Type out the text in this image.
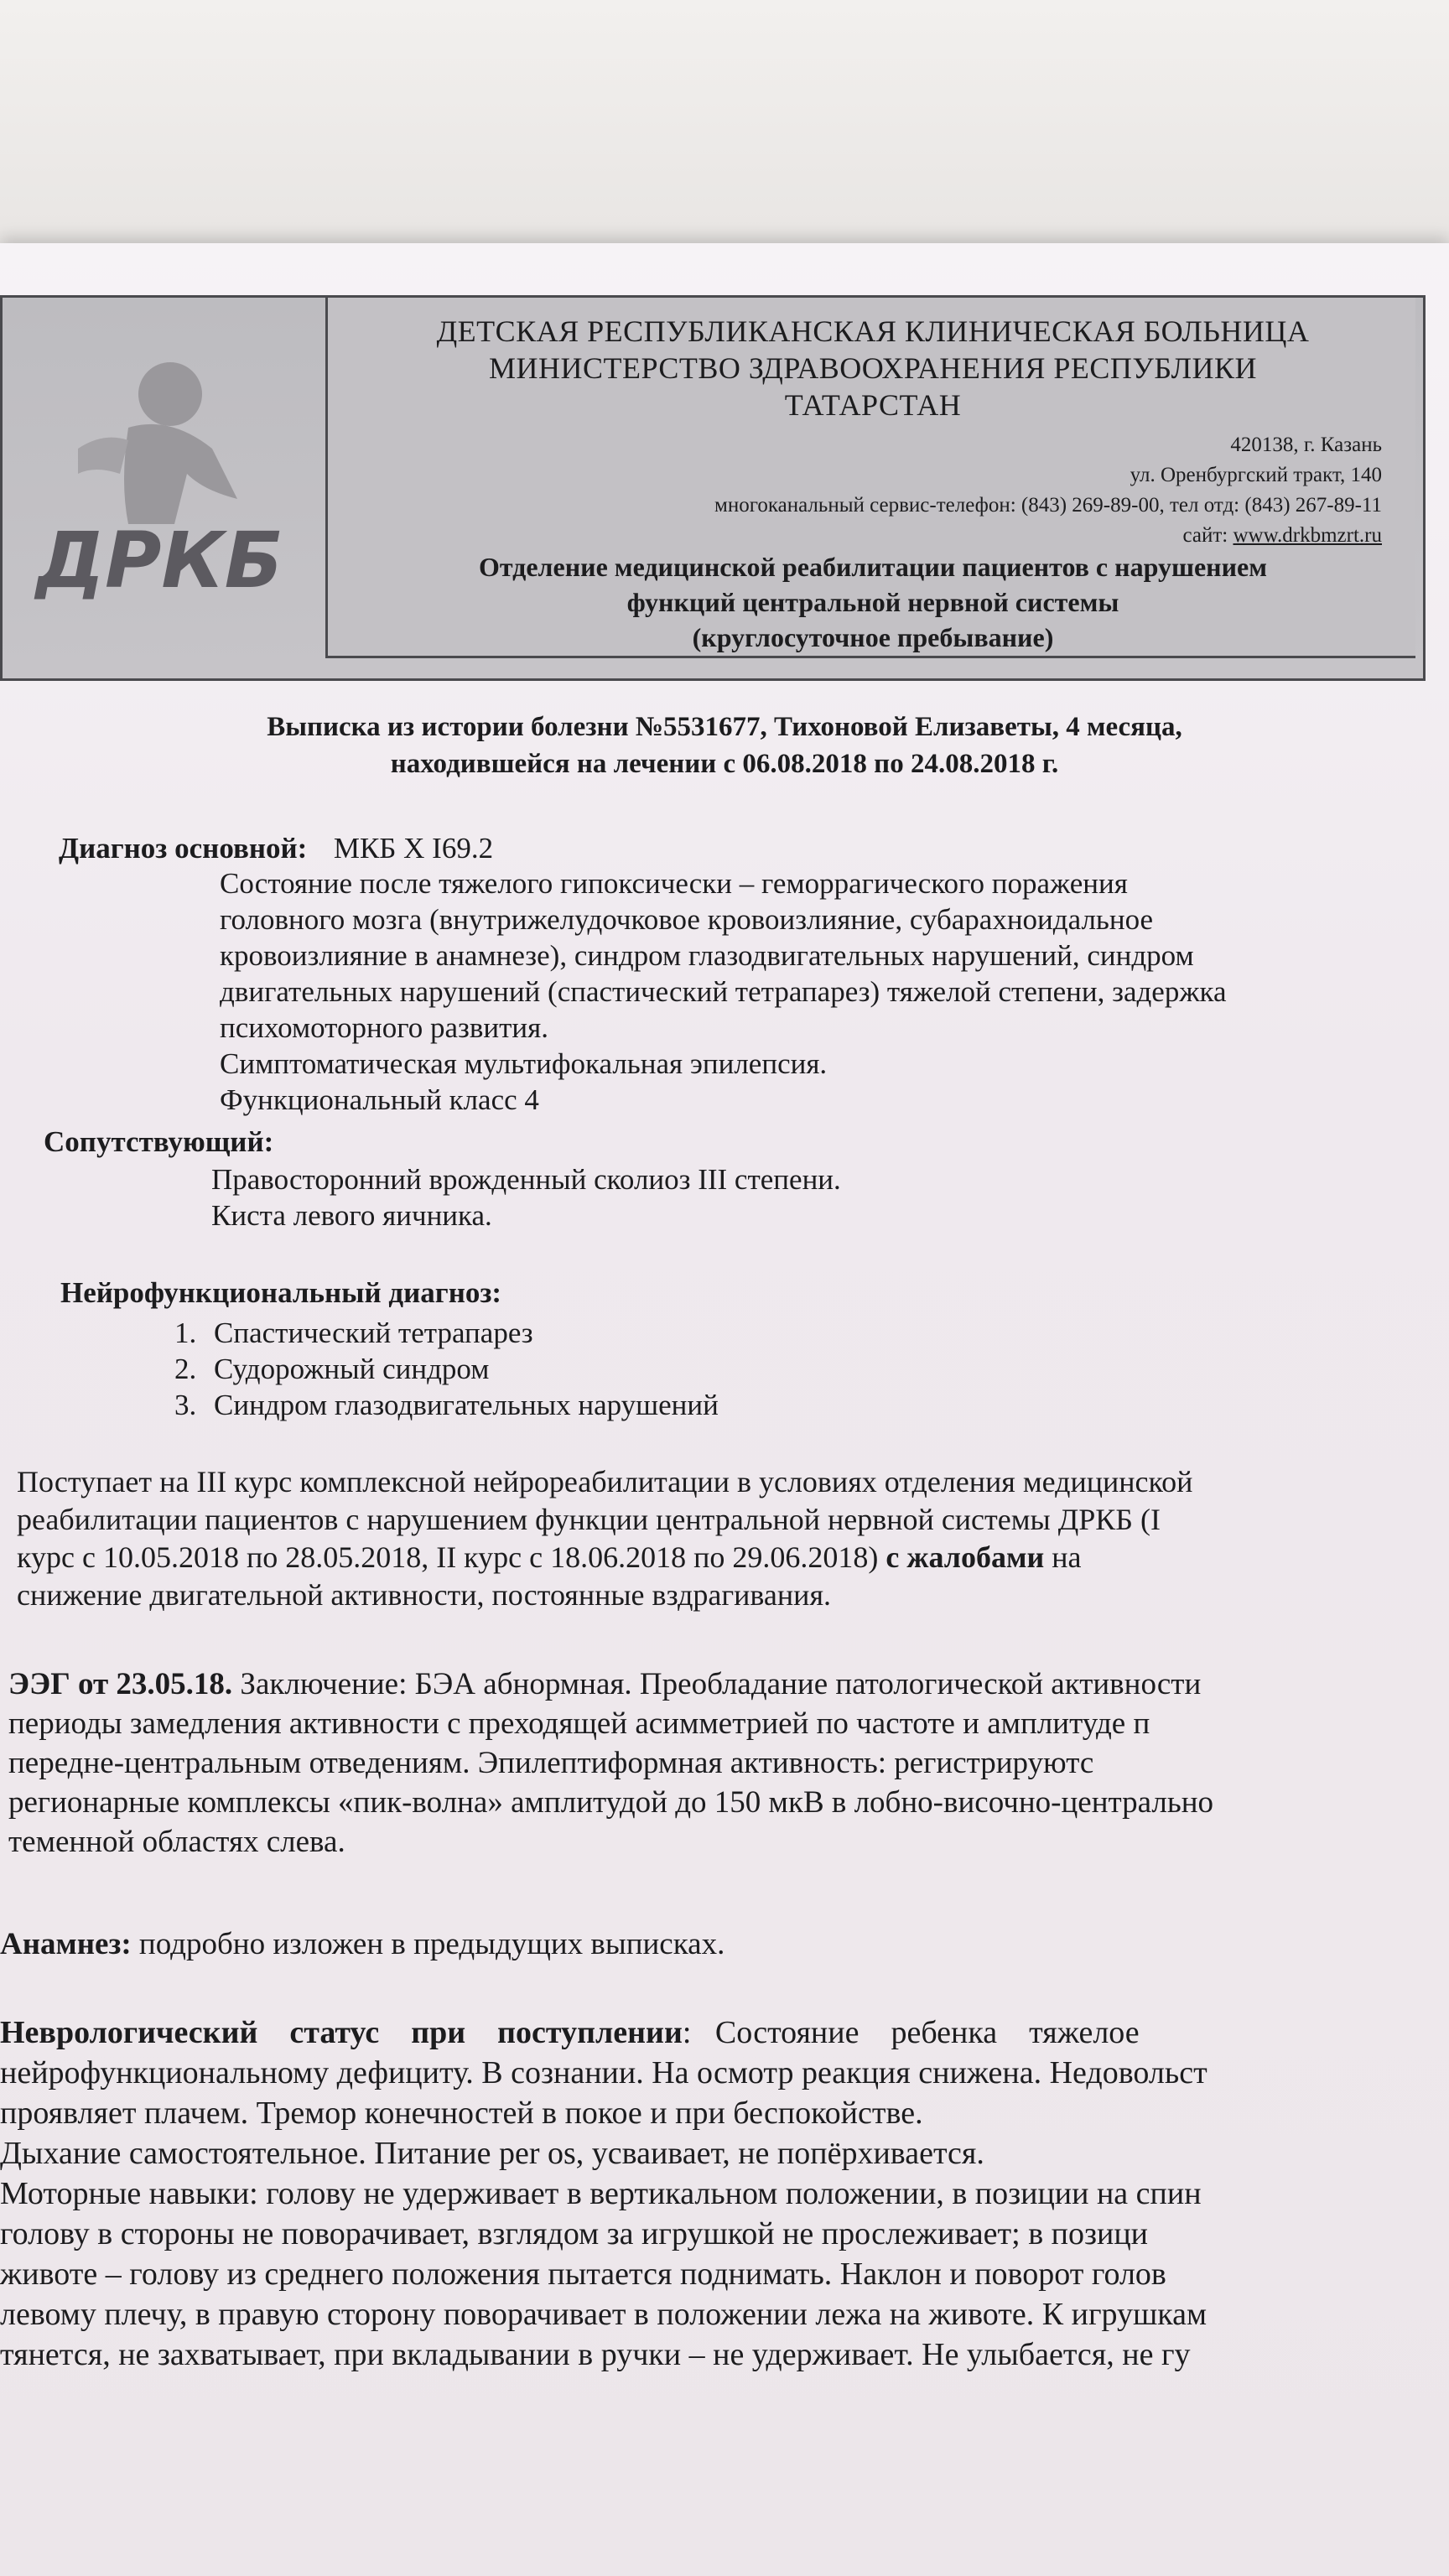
ДРКБ
ДЕТСКАЯ РЕСПУБЛИКАНСКАЯ КЛИНИЧЕСКАЯ БОЛЬНИЦА
МИНИСТЕРСТВО ЗДРАВООХРАНЕНИЯ РЕСПУБЛИКИ
ТАТАРСТАН
420138, г. Казань
ул. Оренбургский тракт, 140
многоканальный сервис-телефон: (843) 269-89-00, тел отд: (843) 267-89-11
сайт: www.drkbmzrt.ru
Отделение медицинской реабилитации пациентов с нарушением
функций центральной нервной системы
(круглосуточное пребывание)
Выписка из истории болезни №5531677, Тихоновой Елизаветы, 4 месяца,
находившейся на лечении с 06.08.2018 по 24.08.2018 г.
Диагноз основной: МКБ Х I69.2
Состояние после тяжелого гипоксически – геморрагического поражения
головного мозга (внутрижелудочковое кровоизлияние, субарахноидальное
кровоизлияние в анамнезе), синдром глазодвигательных нарушений, синдром
двигательных нарушений (спастический тетрапарез) тяжелой степени, задержка
психомоторного развития.
Симптоматическая мультифокальная эпилепсия.
Функциональный класс 4
Сопутствующий:
Правосторонний врожденный сколиоз III степени.
Киста левого яичника.
Нейрофункциональный диагноз:
1. Спастический тетрапарез
2. Судорожный синдром
3. Синдром глазодвигательных нарушений
Поступает на III курс комплексной нейрореабилитации в условиях отделения медицинской
реабилитации пациентов с нарушением функции центральной нервной системы ДРКБ (I
курс с 10.05.2018 по 28.05.2018, II курс с 18.06.2018 по 29.06.2018) с жалобами на
снижение двигательной активности, постоянные вздрагивания.
ЭЭГ от 23.05.18. Заключение: БЭА абнормная. Преобладание патологической активности
периоды замедления активности с преходящей асимметрией по частоте и амплитуде п
передне-центральным отведениям. Эпилептиформная активность: регистрируютс
регионарные комплексы «пик-волна» амплитудой до 150 мкВ в лобно-височно-центрально
теменной областях слева.
Анамнез: подробно изложен в предыдущих выписках.
Неврологический    статус    при    поступлении:   Состояние    ребенка    тяжелое
нейрофункциональному дефициту. В сознании. На осмотр реакция снижена. Недовольст
проявляет плачем. Тремор конечностей в покое и при беспокойстве.
Дыхание самостоятельное. Питание per os, усваивает, не попёрхивается.
Моторные навыки: голову не удерживает в вертикальном положении, в позиции на спин
голову в стороны не поворачивает, взглядом за игрушкой не прослеживает; в позици
животе – голову из среднего положения пытается поднимать. Наклон и поворот голов
левому плечу, в правую сторону поворачивает в положении лежа на животе. К игрушкам
тянется, не захватывает, при вкладывании в ручки – не удерживает. Не улыбается, не гу
